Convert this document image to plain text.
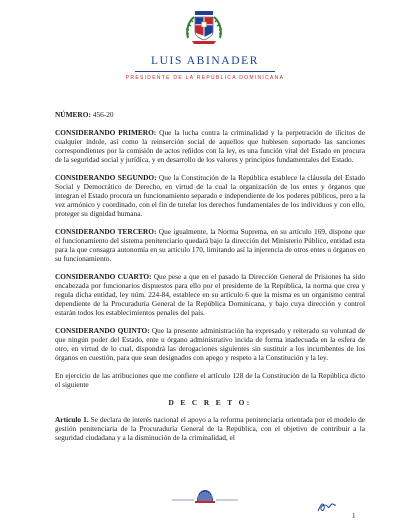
LUIS ABINADER
PRESIDENTE DE LA REPÚBLICA DOMINICANA

NÚMERO: 456-20

CONSIDERANDO PRIMERO: Que la lucha contra la criminalidad y la perpetración de ilícitos de cualquier índole, así como la reinserción social de aquellos que hubiesen soportado las sanciones correspondientes por la comisión de actos reñidos con la ley, es una función vital del Estado en procura de la seguridad social y jurídica, y en desarrollo de los valores y principios fundamentales del Estado.

CONSIDERANDO SEGUNDO: Que la Constitución de la República establece la cláusula del Estado Social y Democrático de Derecho, en virtud de la cual la organización de los entes y órganos que integran el Estado procura un funcionamiento separado e independiente de los poderes públicos, pero a la vez armónico y coordinado, con el fin de tutelar los derechos fundamentales de los individuos y con ello, proteger su dignidad humana.

CONSIDERANDO TERCERO: Que igualmente, la Norma Suprema, en su artículo 169, dispone que el funcionamiento del sistema penitenciario quedará bajo la dirección del Ministerio Público, entidad esta para la que consagra autonomía en su artículo 170, limitando así la injerencia de otros entes u órganos en su funcionamiento.

CONSIDERANDO CUARTO: Que pese a que en el pasado la Dirección General de Prisiones ha sido encabezada por funcionarios dispuestos para ello por el presidente de la República, la norma que crea y regula dicha entidad, ley núm. 224-84, establece en su artículo 6 que la misma es un organismo central dependiente de la Procuraduría General de la República Dominicana, y bajo cuya dirección y control estarán todos los establecimientos penales del país.

CONSIDERANDO QUINTO: Que la presente administración ha expresado y reiterado su voluntad de que ningún poder del Estado, ente u órgano administrativo incida de forma inadecuada en la esfera de otro, en virtud de lo cual, dispondrá las derogaciones siguientes sin sustituir a los incumbentes de los órganos en cuestión, para que sean designados con apego y respeto a la Constitución y la ley.

En ejercicio de las atribuciones que me confiere el artículo 128 de la Constitución de la República dicto el siguiente

D E C R E T O:

Artículo 1. Se declara de interés nacional el apoyo a la reforma penitenciaria orientada por el modelo de gestión penitenciaria de la Procuraduría General de la República, con el objetivo de contribuir a la seguridad ciudadana y a la disminución de la criminalidad, el

1
